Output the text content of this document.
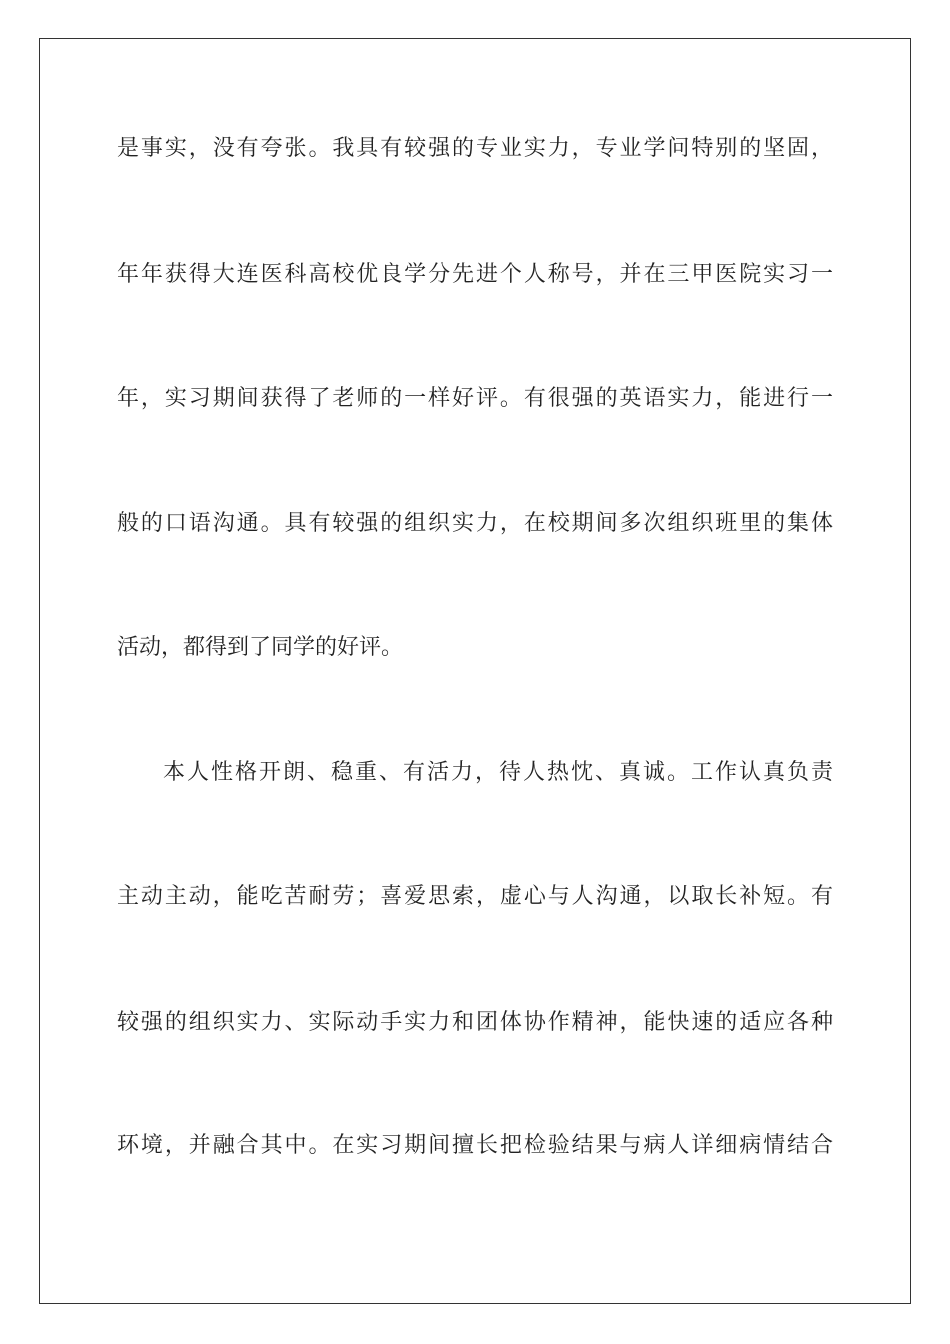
是事实，没有夸张。我具有较强的专业实力，专业学问特别的坚固，
年年获得大连医科高校优良学分先进个人称号，并在三甲医院实习一
年，实习期间获得了老师的一样好评。有很强的英语实力，能进行一
般的口语沟通。具有较强的组织实力，在校期间多次组织班里的集体
活动，都得到了同学的好评。
本人性格开朗、稳重、有活力，待人热忱、真诚。工作认真负责
主动主动，能吃苦耐劳；喜爱思索，虚心与人沟通，以取长补短。有
较强的组织实力、实际动手实力和团体协作精神，能快速的适应各种
环境，并融合其中。在实习期间擅长把检验结果与病人详细病情结合
